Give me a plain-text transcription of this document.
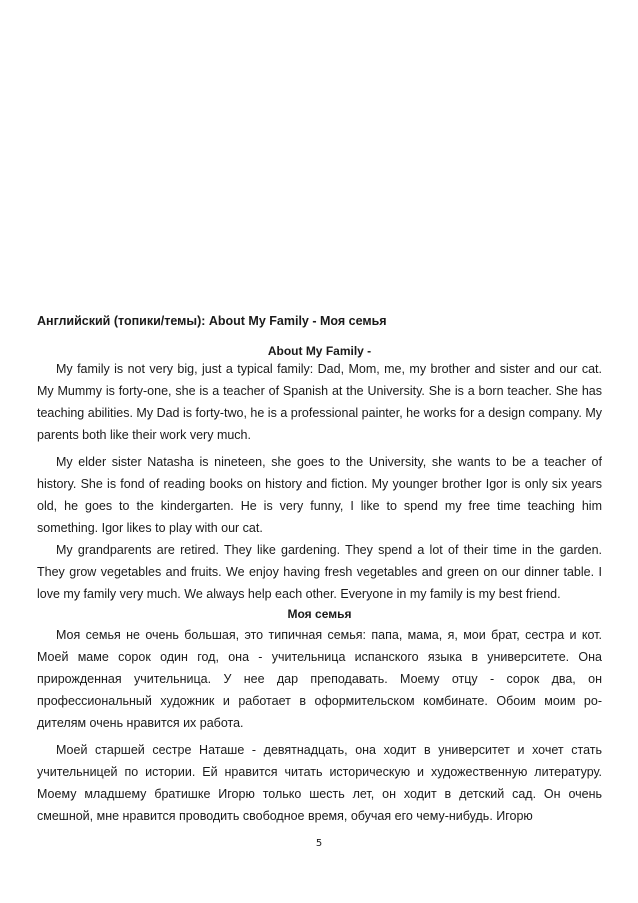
Английский (топики/темы): About My Family - Моя семья
About My Family -

My family is not very big, just a typical family: Dad, Mom, me, my brother and sister and our cat. My Mummy is forty-one, she is a teacher of Spanish at the University. She is a born teacher. She has teaching abilities. My Dad is forty-two, he is a professional painter, he works for a design company. My parents both like their work very much.

My elder sister Natasha is nineteen, she goes to the University, she wants to be a teacher of history. She is fond of reading books on history and fiction. My younger brother Igor is only six years old, he goes to the kindergarten. He is very funny, I like to spend my free time teaching him something. Igor likes to play with our cat.

My grandparents are retired. They like gardening. They spend a lot of their time in the garden. They grow vegetables and fruits. We enjoy having fresh vegetables and green on our dinner table. I love my family very much. We always help each other. Everyone in my family is my best friend.

Моя семья

Моя семья не очень большая, это типичная семья: папа, мама, я, мои брат, сестра и кот. Моей маме сорок один год, она - учительница испанского языка в университете. Она прирожденная учительница. У нее дар преподавать. Моему отцу - сорок два, он профессиональный художник и работает в оформительском комбинате. Обоим моим ро-дителям очень нравится их работа.

Моей старшей сестре Наташе - девятнадцать, она ходит в университет и хочет стать учительницей по истории. Ей нравится читать историческую и художественную литературу. Моему младшему братишке Игорю только шесть лет, он ходит в детский сад. Он очень смешной, мне нравится проводить свободное время, обучая его чему-нибудь. Игорю

5
